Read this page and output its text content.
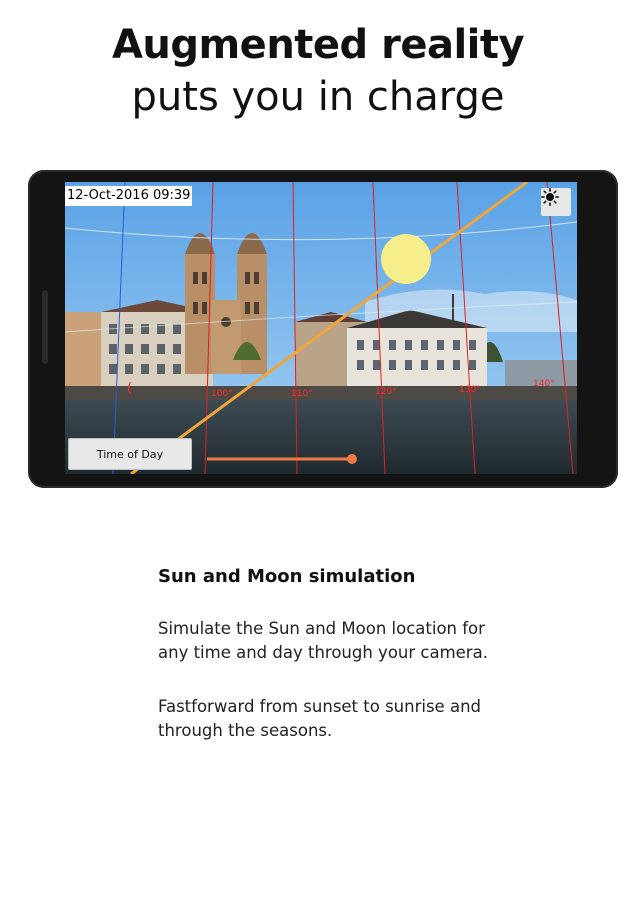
Augmented reality
puts you in charge
100°	110°	120°	130°
140°
(
12-Oct-2016 09:39
Time of Day
Sun and Moon simulation

Simulate the Sun and Moon location for
any time and day through your camera.

Fastforward from sunset to sunrise and
through the seasons.
